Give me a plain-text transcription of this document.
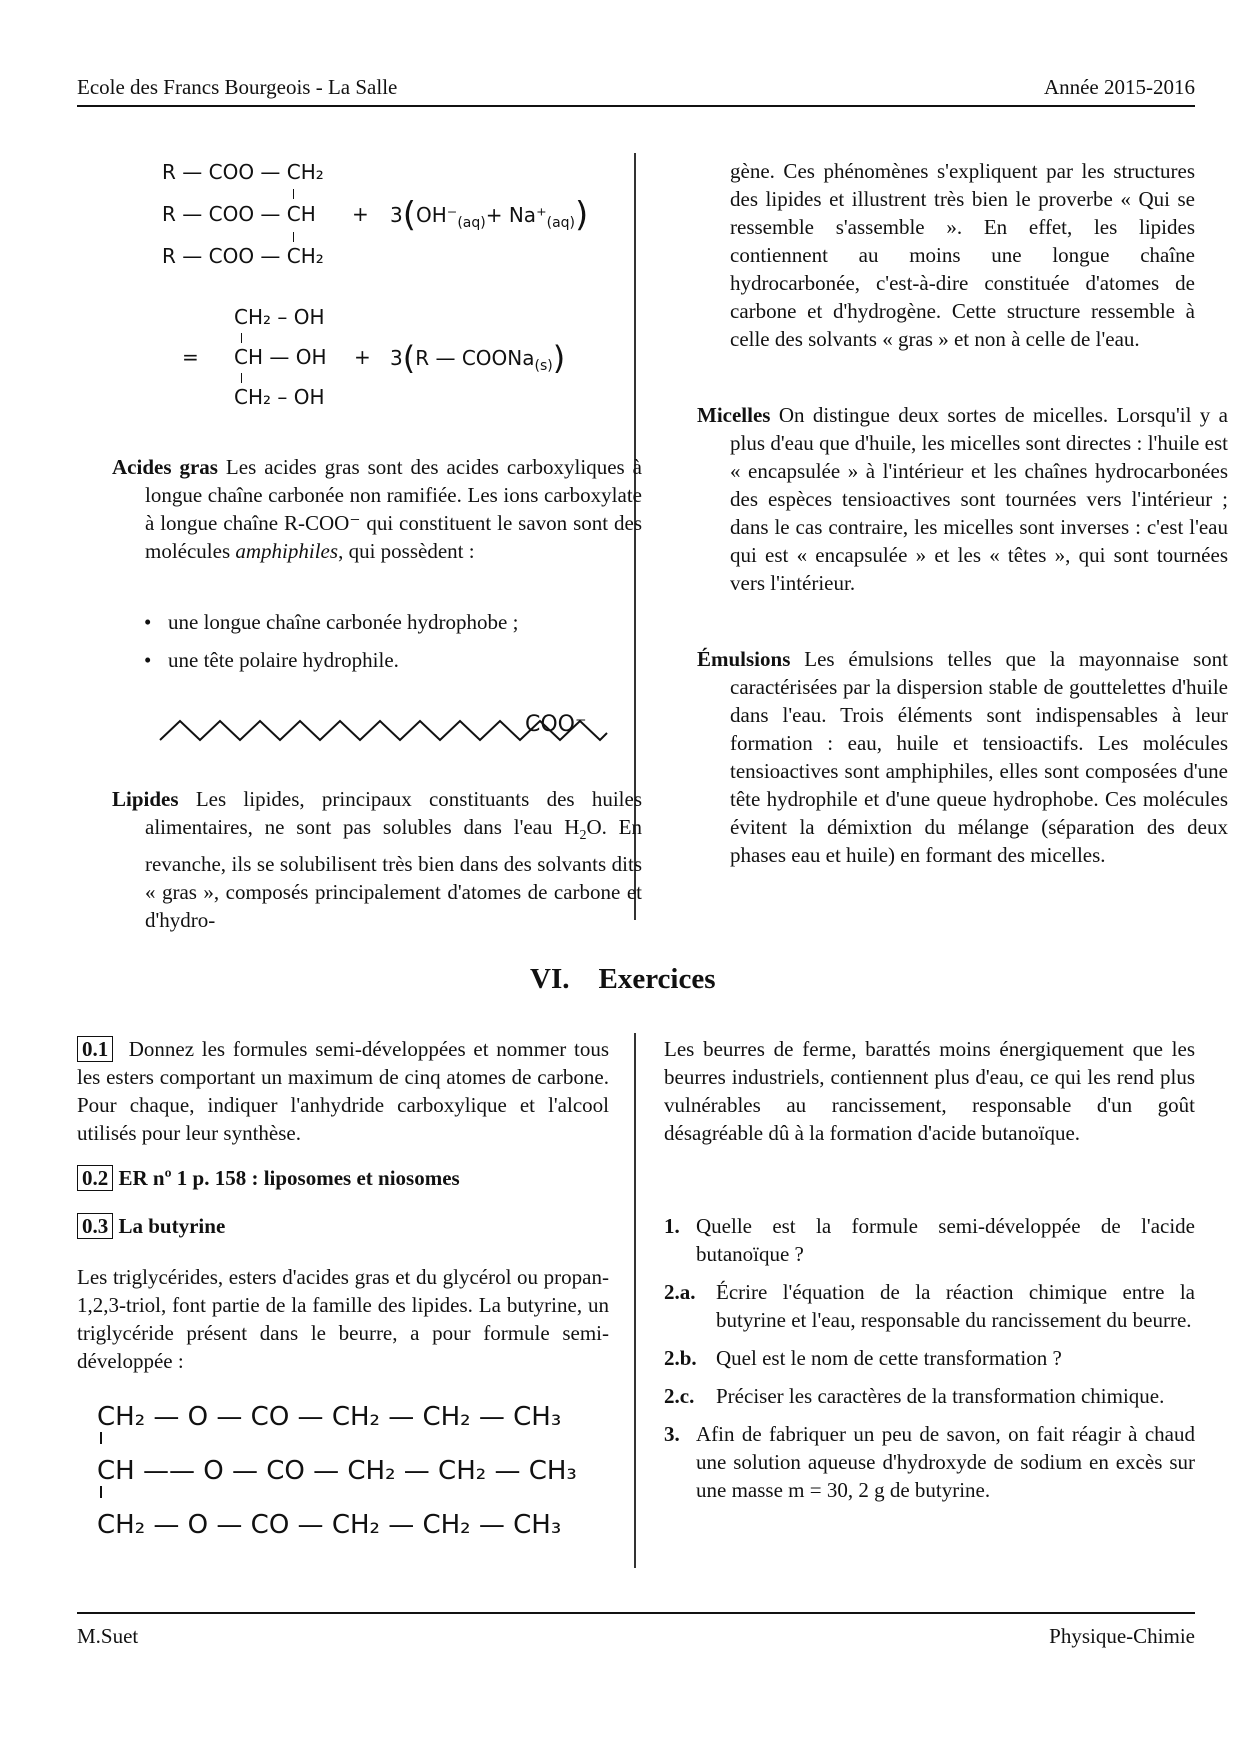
Ecole des Francs Bourgeois - La Salle	Année 2015-2016
R — COO — CH₂
R — COO — CH
R — COO — CH₂
+ $3(OH^-_{(aq)}+ Na^+_{(aq)})$
=
CH₂ – OH
CH — OH
CH₂ – OH
+ 3(R — COONa$_{(s)}$)
Acides gras Les acides gras sont des acides carboxyliques à longue chaîne carbonée non ramifiée. Les ions carboxylate à longue chaîne R-COO⁻ qui constituent le savon sont des molécules amphiphiles, qui possèdent :
• une longue chaîne carbonée hydrophobe ;
• une tête polaire hydrophile.
COO⁻
Lipides Les lipides, principaux constituants des huiles alimentaires, ne sont pas solubles dans l'eau $H_2O$. En revanche, ils se solubilisent très bien dans des solvants dits « gras », composés principalement d'atomes de carbone et d'hydro-
gène. Ces phénomènes s'expliquent par les structures des lipides et illustrent très bien le proverbe « Qui se ressemble s'assemble ». En effet, les lipides contiennent au moins une longue chaîne hydrocarbonée, c'est-à-dire constituée d'atomes de carbone et d'hydrogène. Cette structure ressemble à celle des solvants « gras » et non à celle de l'eau.
Micelles On distingue deux sortes de micelles. Lorsqu'il y a plus d'eau que d'huile, les micelles sont directes : l'huile est « encapsulée » à l'intérieur et les chaînes hydrocarbonées des espèces tensioactives sont tournées vers l'intérieur ; dans le cas contraire, les micelles sont inverses : c'est l'eau qui est « encapsulée » et les « têtes », qui sont tournées vers l'intérieur.
Émulsions Les émulsions telles que la mayonnaise sont caractérisées par la dispersion stable de gouttelettes d'huile dans l'eau. Trois éléments sont indispensables à leur formation : eau, huile et tensioactifs. Les molécules tensioactives sont amphiphiles, elles sont composées d'une tête hydrophile et d'une queue hydrophobe. Ces molécules évitent la démixtion du mélange (séparation des deux phases eau et huile) en formant des micelles.
VI. Exercices
0.1 Donnez les formules semi-développées et nommer tous les esters comportant un maximum de cinq atomes de carbone. Pour chaque, indiquer l'anhydride carboxylique et l'alcool utilisés pour leur synthèse.
0.2 ER nº 1 p. 158 : liposomes et niosomes
0.3 La butyrine
Les triglycérides, esters d'acides gras et du glycérol ou propan-1,2,3-triol, font partie de la famille des lipides. La butyrine, un triglycéride présent dans le beurre, a pour formule semi-développée :
CH₂ — O — CO — CH₂ — CH₂ — CH₃
CH —— O — CO — CH₂ — CH₂ — CH₃
CH₂ — O — CO — CH₂ — CH₂ — CH₃
Les beurres de ferme, barattés moins énergiquement que les beurres industriels, contiennent plus d'eau, ce qui les rend plus vulnérables au rancissement, responsable d'un goût désagréable dû à la formation d'acide butanoïque.
1. Quelle est la formule semi-développée de l'acide butanoïque ?
2.a. Écrire l'équation de la réaction chimique entre la butyrine et l'eau, responsable du rancissement du beurre.
2.b. Quel est le nom de cette transformation ?
2.c. Préciser les caractères de la transformation chimique.
3. Afin de fabriquer un peu de savon, on fait réagir à chaud une solution aqueuse d'hydroxyde de sodium en excès sur une masse m = 30, 2 g de butyrine.
M.Suet	Physique-Chimie
